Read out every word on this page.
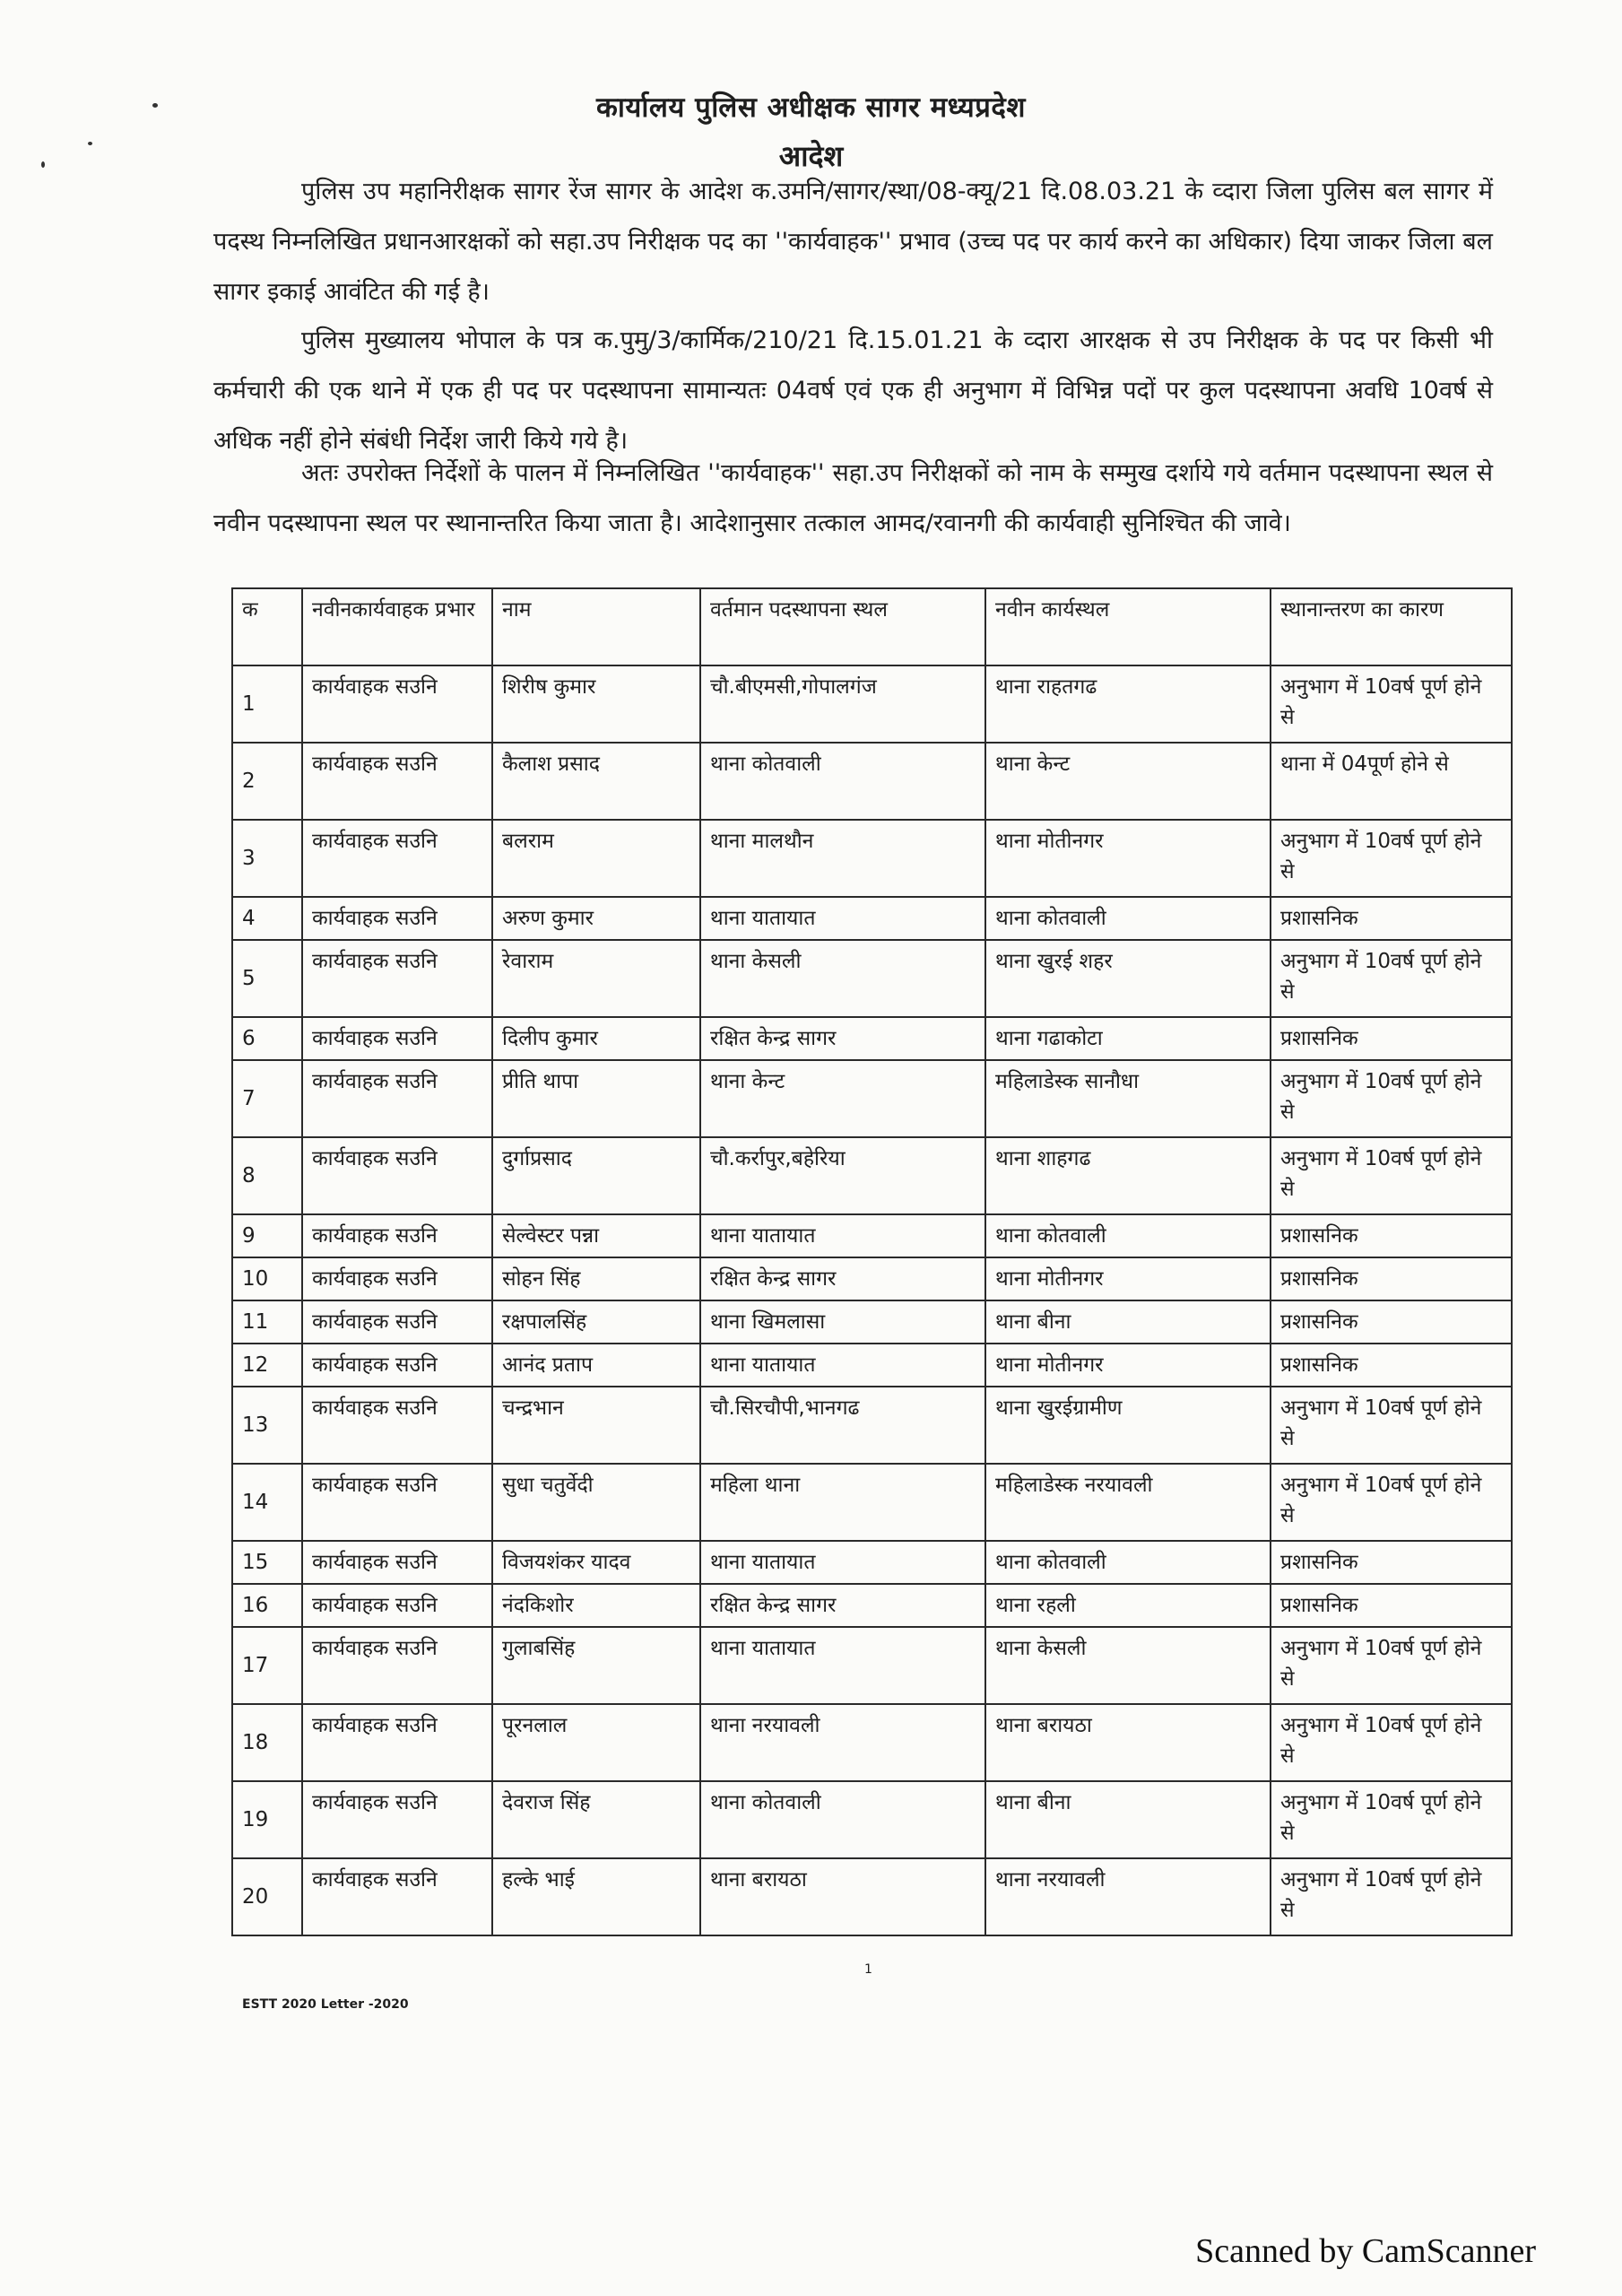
कार्यालय पुलिस अधीक्षक सागर मध्यप्रदेश
आदेश

पुलिस उप महानिरीक्षक सागर रेंज सागर के आदेश क.उमनि/सागर/स्था/08-क्यू/21 दि.08.03.21 के व्दारा जिला पुलिस बल सागर में पदस्थ निम्नलिखित प्रधानआरक्षकों को सहा.उप निरीक्षक पद का ''कार्यवाहक'' प्रभाव (उच्च पद पर कार्य करने का अधिकार) दिया जाकर जिला बल सागर इकाई आवंटित की गई है।

पुलिस मुख्यालय भोपाल के पत्र क.पुमु/3/कार्मिक/210/21 दि.15.01.21 के व्दारा आरक्षक से उप निरीक्षक के पद पर किसी भी कर्मचारी की एक थाने में एक ही पद पर पदस्थापना सामान्यतः 04वर्ष एवं एक ही अनुभाग में विभिन्न पदों पर कुल पदस्थापना अवधि 10वर्ष से अधिक नहीं होने संबंधी निर्देश जारी किये गये है।

अतः उपरोक्त निर्देशों के पालन में निम्नलिखित ''कार्यवाहक'' सहा.उप निरीक्षकों को नाम के सम्मुख दर्शाये गये वर्तमान पदस्थापना स्थल से नवीन पदस्थापना स्थल पर स्थानान्तरित किया जाता है। आदेशानुसार तत्काल आमद/रवानगी की कार्यवाही सुनिश्चित की जावे।

क	नवीनकार्यवाहक प्रभार	नाम	वर्तमान पदस्थापना स्थल	नवीन कार्यस्थल	स्थानान्तरण का कारण
1	कार्यवाहक सउनि	शिरीष कुमार	चौ.बीएमसी,गोपालगंज	थाना राहतगढ	अनुभाग में 10वर्ष पूर्ण होने से
2	कार्यवाहक सउनि	कैलाश प्रसाद	थाना कोतवाली	थाना केन्ट	थाना में 04पूर्ण होने से
3	कार्यवाहक सउनि	बलराम	थाना मालथौन	थाना मोतीनगर	अनुभाग में 10वर्ष पूर्ण होने से
4	कार्यवाहक सउनि	अरुण कुमार	थाना यातायात	थाना कोतवाली	प्रशासनिक
5	कार्यवाहक सउनि	रेवाराम	थाना केसली	थाना खुरई शहर	अनुभाग में 10वर्ष पूर्ण होने से
6	कार्यवाहक सउनि	दिलीप कुमार	रक्षित केन्द्र सागर	थाना गढाकोटा	प्रशासनिक
7	कार्यवाहक सउनि	प्रीति थापा	थाना केन्ट	महिलाडेस्क सानौधा	अनुभाग में 10वर्ष पूर्ण होने से
8	कार्यवाहक सउनि	दुर्गाप्रसाद	चौ.कर्रापुर,बहेरिया	थाना शाहगढ	अनुभाग में 10वर्ष पूर्ण होने से
9	कार्यवाहक सउनि	सेल्वेस्टर पन्ना	थाना यातायात	थाना कोतवाली	प्रशासनिक
10	कार्यवाहक सउनि	सोहन सिंह	रक्षित केन्द्र सागर	थाना मोतीनगर	प्रशासनिक
11	कार्यवाहक सउनि	रक्षपालसिंह	थाना खिमलासा	थाना बीना	प्रशासनिक
12	कार्यवाहक सउनि	आनंद प्रताप	थाना यातायात	थाना मोतीनगर	प्रशासनिक
13	कार्यवाहक सउनि	चन्द्रभान	चौ.सिरचौपी,भानगढ	थाना खुरईग्रामीण	अनुभाग में 10वर्ष पूर्ण होने से
14	कार्यवाहक सउनि	सुधा चतुर्वेदी	महिला थाना	महिलाडेस्क नरयावली	अनुभाग में 10वर्ष पूर्ण होने से
15	कार्यवाहक सउनि	विजयशंकर यादव	थाना यातायात	थाना कोतवाली	प्रशासनिक
16	कार्यवाहक सउनि	नंदकिशोर	रक्षित केन्द्र सागर	थाना रहली	प्रशासनिक
17	कार्यवाहक सउनि	गुलाबसिंह	थाना यातायात	थाना केसली	अनुभाग में 10वर्ष पूर्ण होने से
18	कार्यवाहक सउनि	पूरनलाल	थाना नरयावली	थाना बरायठा	अनुभाग में 10वर्ष पूर्ण होने से
19	कार्यवाहक सउनि	देवराज सिंह	थाना कोतवाली	थाना बीना	अनुभाग में 10वर्ष पूर्ण होने से
20	कार्यवाहक सउनि	हल्के भाई	थाना बरायठा	थाना नरयावली	अनुभाग में 10वर्ष पूर्ण होने से
1
ESTT 2020 Letter -2020
Scanned by CamScanner
